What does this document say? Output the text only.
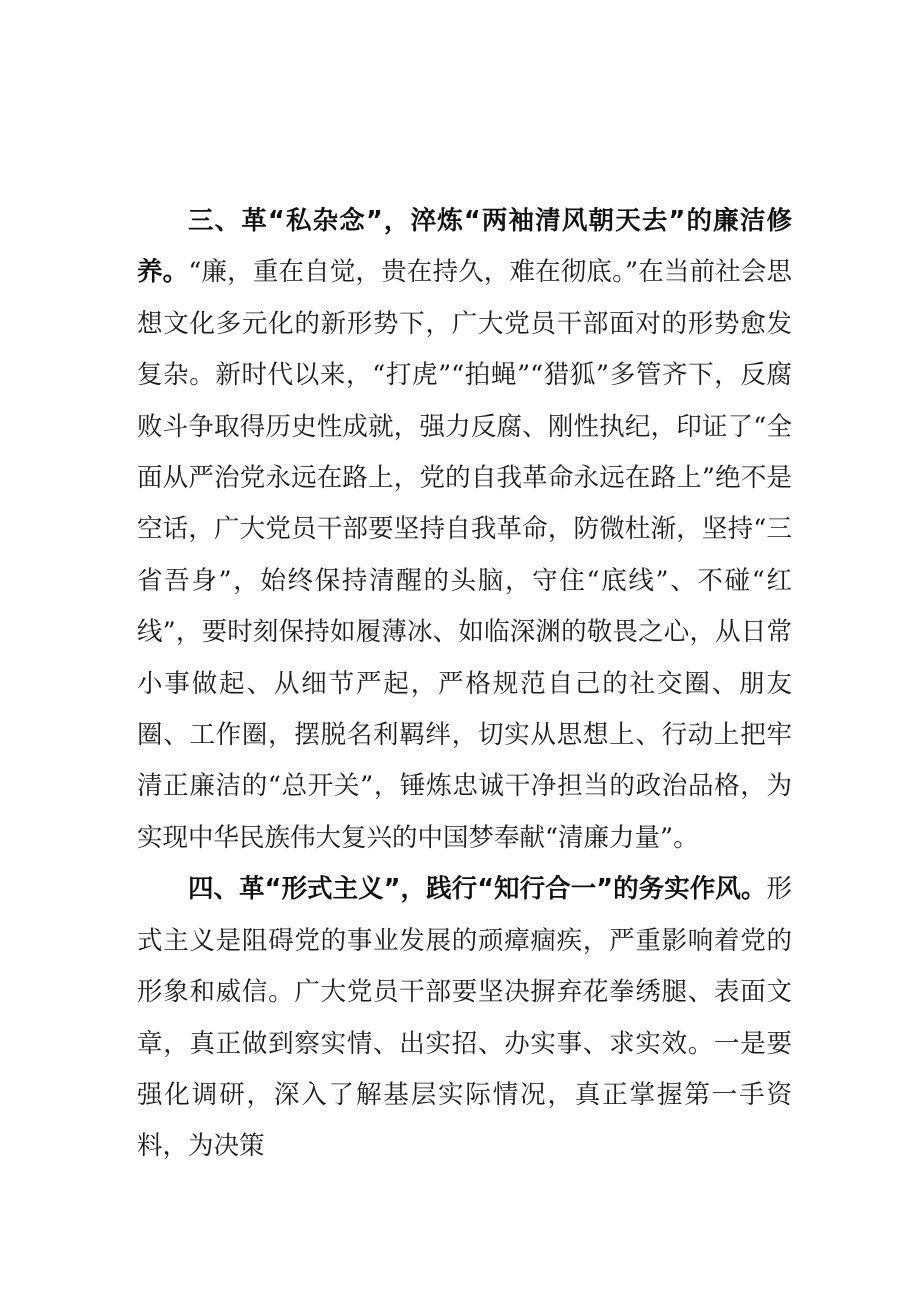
三、革“私杂念”，淬炼“两袖清风朝天去”的廉洁修养。“廉，重在自觉，贵在持久，难在彻底。”在当前社会思想文化多元化的新形势下，广大党员干部面对的形势愈发复杂。新时代以来，“打虎”“拍蝇”“猎狐”多管齐下，反腐败斗争取得历史性成就，强力反腐、刚性执纪，印证了“全面从严治党永远在路上，党的自我革命永远在路上”绝不是空话，广大党员干部要坚持自我革命，防微杜渐，坚持“三省吾身”，始终保持清醒的头脑，守住“底线”、不碰“红线”，要时刻保持如履薄冰、如临深渊的敬畏之心，从日常小事做起、从细节严起，严格规范自己的社交圈、朋友圈、工作圈，摆脱名利羁绊，切实从思想上、行动上把牢清正廉洁的“总开关”，锤炼忠诚干净担当的政治品格，为实现中华民族伟大复兴的中国梦奉献“清廉力量”。

四、革“形式主义”，践行“知行合一”的务实作风。形式主义是阻碍党的事业发展的顽瘴痼疾，严重影响着党的形象和威信。广大党员干部要坚决摒弃花拳绣腿、表面文章，真正做到察实情、出实招、办实事、求实效。一是要强化调研，深入了解基层实际情况，真正掌握第一手资料，为决策
